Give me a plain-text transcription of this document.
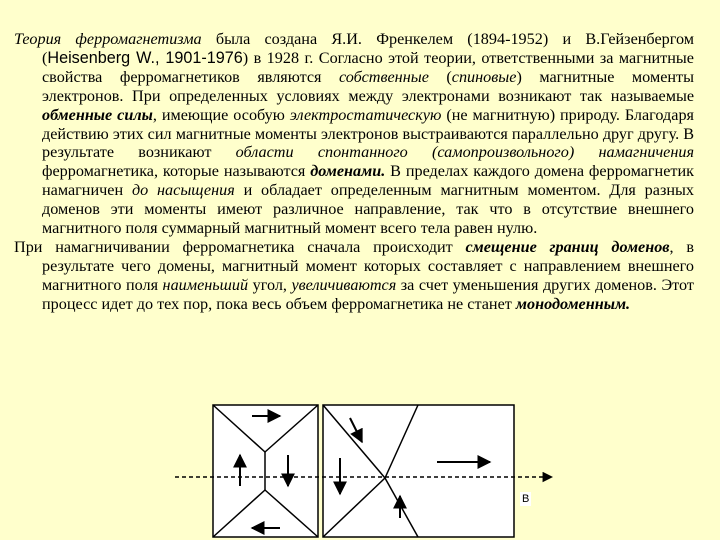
Теория ферромагнетизма была создана Я.И. Френкелем (1894-1952) и В.Гейзенбергом (Heisenberg W., 1901-1976) в 1928 г. Согласно этой теории, ответственными за магнитные свойства ферромагнетиков являются собственные (спиновые) магнитные моменты электронов. При определенных условиях между электронами возникают так называемые обменные силы, имеющие особую электростатическую (не магнитную) природу. Благодаря действию этих сил магнитные моменты электронов выстраиваются параллельно друг другу. В результате возникают области спонтанного (самопроизвольного) намагничения ферромагнетика, которые называются доменами. В пределах каждого домена ферромагнетик намагничен до насыщения и обладает определенным магнитным моментом. Для разных доменов эти моменты имеют различное направление, так что в отсутствие внешнего магнитного поля суммарный магнитный момент всего тела равен нулю.

При намагничивании ферромагнетика сначала происходит смещение границ доменов, в результате чего домены, магнитный момент которых составляет с направлением внешнего магнитного поля наименьший угол, увеличиваются за счет уменьшения других доменов. Этот процесс идет до тех пор, пока весь объем ферромагнетика не станет монодоменным.

B
